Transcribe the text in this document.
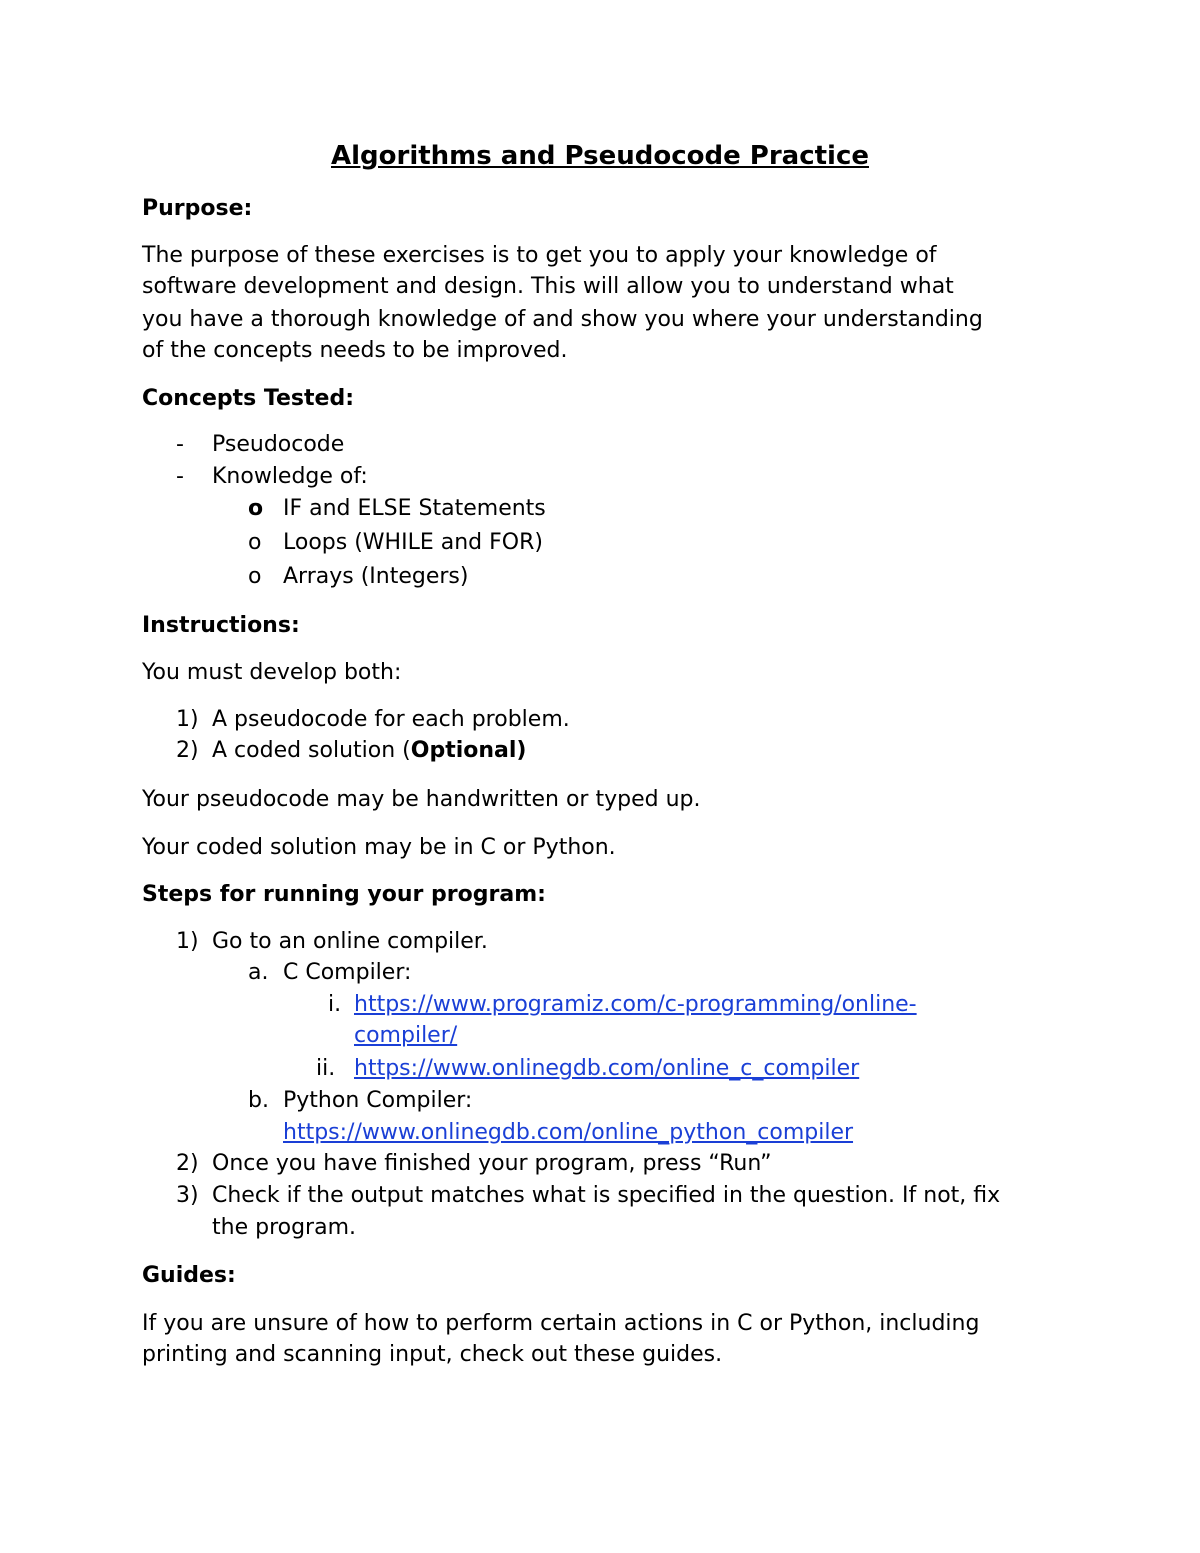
Algorithms and Pseudocode Practice

Purpose:

The purpose of these exercises is to get you to apply your knowledge of

software development and design. This will allow you to understand what

you have a thorough knowledge of and show you where your understanding

of the concepts needs to be improved.

Concepts Tested:

- Pseudocode

- Knowledge of:

o IF and ELSE Statements

o Loops (WHILE and FOR)

o Arrays (Integers)

Instructions:

You must develop both:

1) A pseudocode for each problem.

2) A coded solution (Optional)

Your pseudocode may be handwritten or typed up.

Your coded solution may be in C or Python.

Steps for running your program:

1) Go to an online compiler.

a. C Compiler:

i. https://www.programiz.com/c-programming/online-
compiler/
ii. https://www.onlinegdb.com/online_c_compiler
b. Python Compiler:

https://www.onlinegdb.com/online_python_compiler
2) Once you have finished your program, press “Run”

3) Check if the output matches what is specified in the question. If not, fix

the program.

Guides:

If you are unsure of how to perform certain actions in C or Python, including

printing and scanning input, check out these guides.
